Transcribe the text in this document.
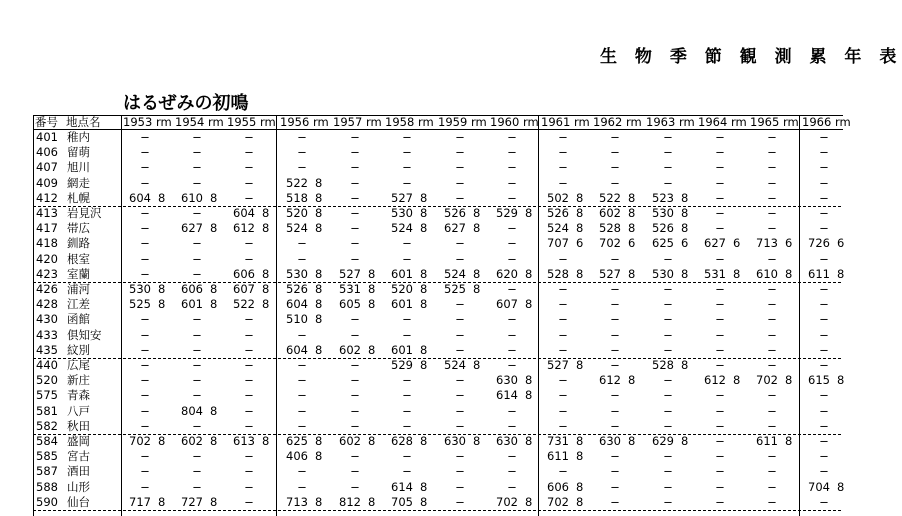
生 物 季 節 観 測 累 年 表
はるぜみの初鳴
番号 地点名 1953 rm 1954 rm 1955 rm 1956 rm 1957 rm 1958 rm 1959 rm 1960 rm 1961 rm 1962 rm 1963 rm 1964 rm 1965 rm 1966 rm
401 稚内	−	−	−	−	−	−	−	−	−	−	−	−	−	−
406 留萌	−	−	−	−	−	−	−	−	−	−	−	−	−	−
407 旭川	−	−	−	−	−	−	−	−	−	−	−	−	−	−
409 網走	−	−	−	522 8	−	−	−	−	−	−	−	−	−	−
412 札幌	604 8	610 8	−	518 8	−	527 8	−	−	502 8	522 8	523 8	−	−	−
413 岩見沢	−	−	604 8	520 8	−	530 8	526 8	529 8	526 8	602 8	530 8	−	−	−
417 帯広	−	627 8	612 8	524 8	−	524 8	627 8	−	524 8	528 8	526 8	−	−	−
418 釧路	−	−	−	−	−	−	−	−	707 6	702 6	625 6	627 6	713 6	726 6
420 根室	−	−	−	−	−	−	−	−	−	−	−	−	−	−
423 室蘭	−	−	606 8	530 8	527 8	601 8	524 8	620 8	528 8	527 8	530 8	531 8	610 8	611 8
426 浦河	530 8	606 8	607 8	526 8	531 8	520 8	525 8	−	−	−	−	−	−	−
428 江差	525 8	601 8	522 8	604 8	605 8	601 8	−	607 8	−	−	−	−	−	−
430 函館	−	−	−	510 8	−	−	−	−	−	−	−	−	−	−
433 倶知安	−	−	−	−	−	−	−	−	−	−	−	−	−	−
435 紋別	−	−	−	604 8	602 8	601 8	−	−	−	−	−	−	−	−
440 広尾	−	−	−	−	−	529 8	524 8	−	527 8	−	528 8	−	−	−
520 新庄	−	−	−	−	−	−	−	630 8	−	612 8	−	612 8	702 8	615 8
575 青森	−	−	−	−	−	−	−	614 8	−	−	−	−	−	−
581 八戸	−	804 8	−	−	−	−	−	−	−	−	−	−	−	−
582 秋田	−	−	−	−	−	−	−	−	−	−	−	−	−	−
584 盛岡	702 8	602 8	613 8	625 8	602 8	628 8	630 8	630 8	731 8	630 8	629 8	−	611 8	−
585 宮古	−	−	−	406 8	−	−	−	−	611 8	−	−	−	−	−
587 酒田	−	−	−	−	−	−	−	−	−	−	−	−	−	−
588 山形	−	−	−	−	−	614 8	−	−	606 8	−	−	−	−	704 8
590 仙台	717 8	727 8	−	713 8	812 8	705 8	−	702 8	702 8	−	−	−	−	−
